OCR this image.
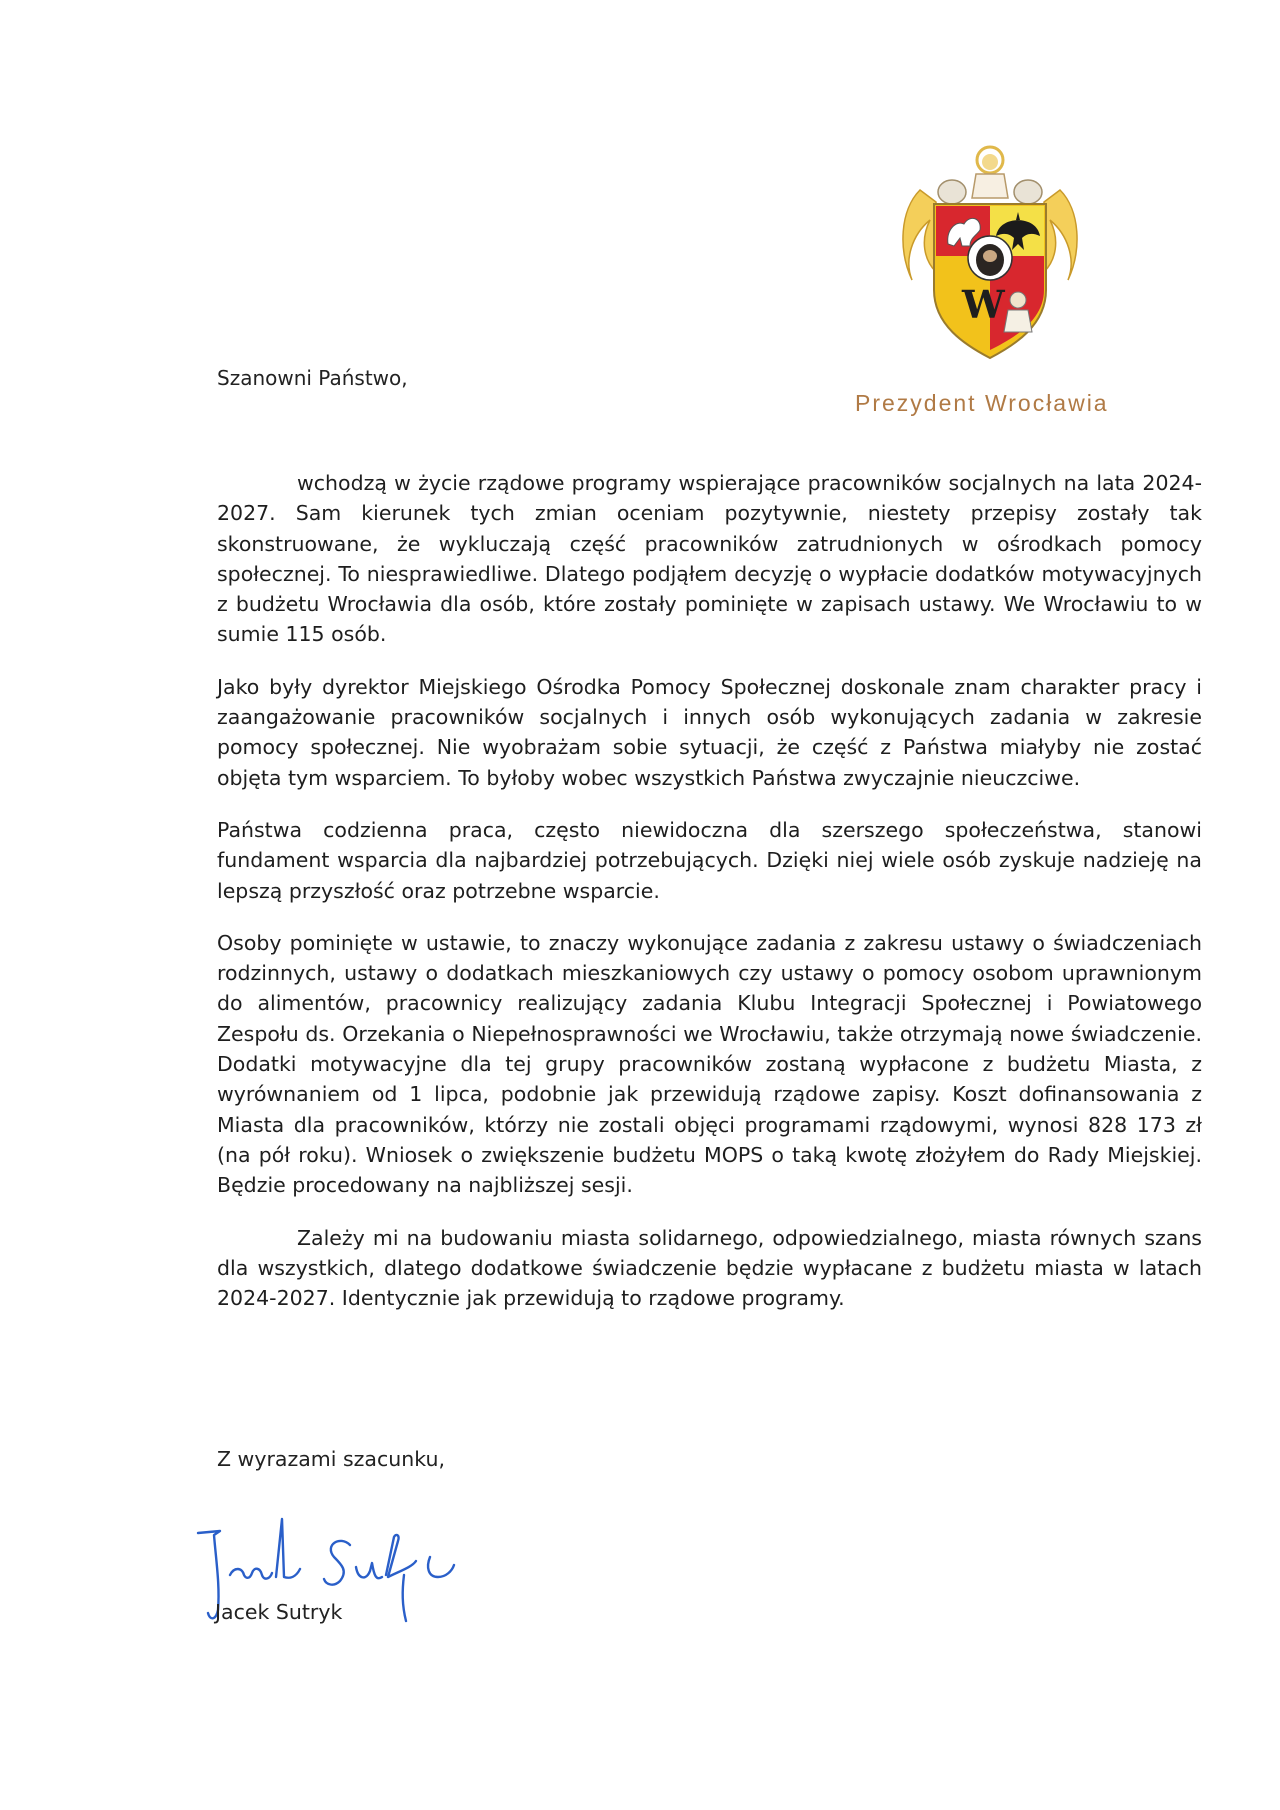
W
Prezydent Wrocławia
Szanowni Państwo,

wchodzą w życie rządowe programy wspierające pracowników socjalnych na lata 2024-2027. Sam kierunek tych zmian oceniam pozytywnie, niestety przepisy zostały tak skonstruowane, że wykluczają część pracowników zatrudnionych w ośrodkach pomocy społecznej. To niesprawiedliwe. Dlatego podjąłem decyzję o wypłacie dodatków motywacyjnych z budżetu Wrocławia dla osób, które zostały pominięte w zapisach ustawy. We Wrocławiu to w sumie 115 osób.

Jako były dyrektor Miejskiego Ośrodka Pomocy Społecznej doskonale znam charakter pracy i zaangażowanie pracowników socjalnych i innych osób wykonujących zadania w zakresie pomocy społecznej. Nie wyobrażam sobie sytuacji, że część z Państwa miałyby nie zostać objęta tym wsparciem. To byłoby wobec wszystkich Państwa zwyczajnie nieuczciwe.

Państwa codzienna praca, często niewidoczna dla szerszego społeczeństwa, stanowi fundament wsparcia dla najbardziej potrzebujących. Dzięki niej wiele osób zyskuje nadzieję na lepszą przyszłość oraz potrzebne wsparcie.

Osoby pominięte w ustawie, to znaczy wykonujące zadania z zakresu ustawy o świadczeniach rodzinnych, ustawy o dodatkach mieszkaniowych czy ustawy o pomocy osobom uprawnionym do alimentów, pracownicy realizujący zadania Klubu Integracji Społecznej i Powiatowego Zespołu ds. Orzekania o Niepełnosprawności we Wrocławiu, także otrzymają nowe świadczenie. Dodatki motywacyjne dla tej grupy pracowników zostaną wypłacone z budżetu Miasta, z wyrównaniem od 1 lipca, podobnie jak przewidują rządowe zapisy. Koszt dofinansowania z Miasta dla pracowników, którzy nie zostali objęci programami rządowymi, wynosi 828 173 zł (na pół roku). Wniosek o zwiększenie budżetu MOPS o taką kwotę złożyłem do Rady Miejskiej. Będzie procedowany na najbliższej sesji.

Zależy mi na budowaniu miasta solidarnego, odpowiedzialnego, miasta równych szans dla wszystkich, dlatego dodatkowe świadczenie będzie wypłacane z budżetu miasta w latach 2024-2027. Identycznie jak przewidują to rządowe programy.

Z wyrazami szacunku,
Jacek Sutryk
